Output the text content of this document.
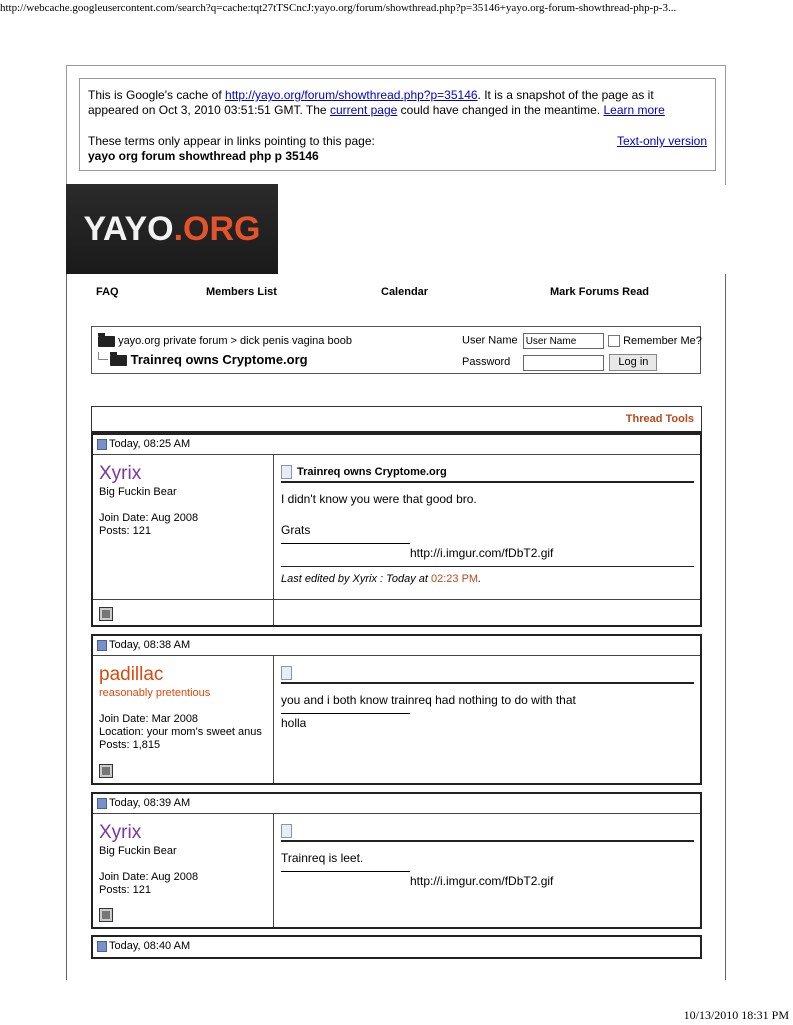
http://webcache.googleusercontent.com/search?q=cache:tqt27tTSCncJ:yayo.org/forum/showthread.php?p=35146+yayo.org-forum-showthread-php-p-3...
This is Google's cache of http://yayo.org/forum/showthread.php?p=35146. It is a snapshot of the page as it
appeared on Oct 3, 2010 03:51:51 GMT. The current page could have changed in the meantime. Learn more
These terms only appear in links pointing to this page:
yayo org forum showthread php p 35146
Text-only version
YAYO .ORG
FAQ	Members List	Calendar	Mark Forums Read
yayo.org private forum > dick penis vagina boob
Trainreq owns Cryptome.org
User Name User Name	Remember Me?
Password	Log in
Thread Tools
Today, 08:25 AM
Xyrix
Big Fuckin Bear
Join Date: Aug 2008
Posts: 121
Trainreq owns Cryptome.org

I didn't know you were that good bro.

Grats

http://i.imgur.com/fDbT2.gif
Last edited by Xyrix : Today at 02:23 PM.
Today, 08:38 AM
padillac
reasonably pretentious
Join Date: Mar 2008
Location: your mom's sweet anus
Posts: 1,815

you and i both know trainreq had nothing to do with that

holla
Today, 08:39 AM
Xyrix
Big Fuckin Bear
Join Date: Aug 2008
Posts: 121

Trainreq is leet.

http://i.imgur.com/fDbT2.gif
Today, 08:40 AM
10/13/2010 18:31 PM
